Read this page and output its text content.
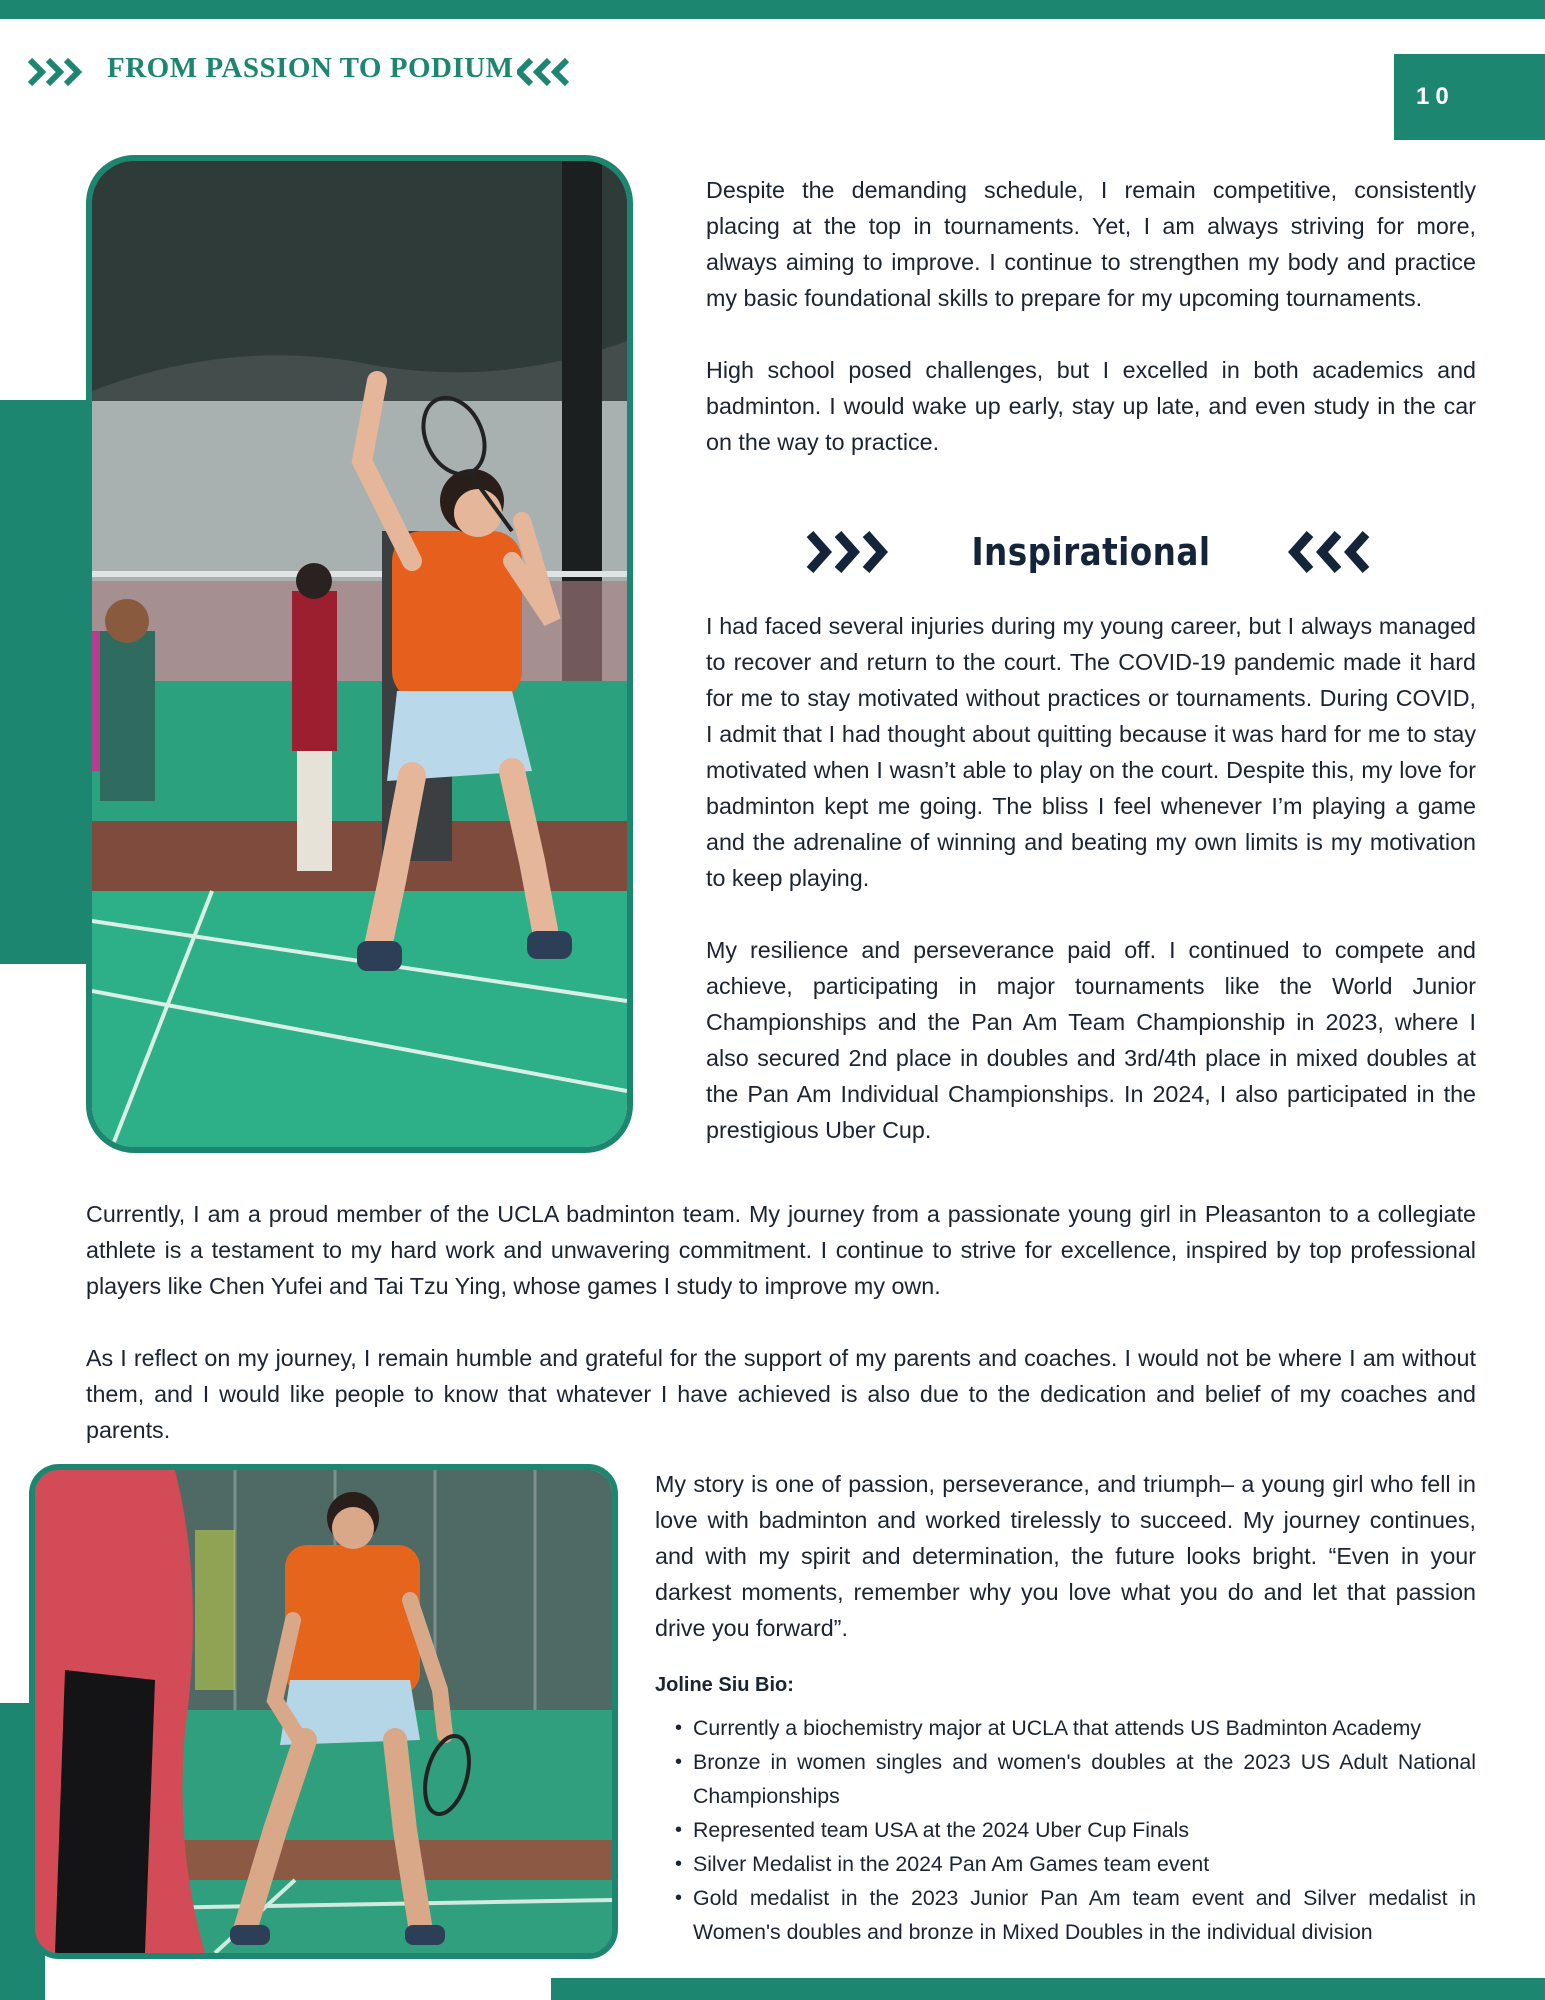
FROM PASSION TO PODIUM
10

Despite the demanding schedule, I remain competitive, consistently placing at the top in tournaments. Yet, I am always striving for more, always aiming to improve. I continue to strengthen my body and practice my basic foundational skills to prepare for my upcoming tournaments.

High school posed challenges, but I excelled in both academics and badminton. I would wake up early, stay up late, and even study in the car on the way to practice.

Inspirational

I had faced several injuries during my young career, but I always managed to recover and return to the court. The COVID-19 pandemic made it hard for me to stay motivated without practices or tournaments. During COVID, I admit that I had thought about quitting because it was hard for me to stay motivated when I wasn’t able to play on the court. Despite this, my love for badminton kept me going. The bliss I feel whenever I’m playing a game and the adrenaline of winning and beating my own limits is my motivation to keep playing.

My resilience and perseverance paid off. I continued to compete and achieve, participating in major tournaments like the World Junior Championships and the Pan Am Team Championship in 2023, where I also secured 2nd place in doubles and 3rd/4th place in mixed doubles at the Pan Am Individual Championships. In 2024, I also participated in the prestigious Uber Cup.

Currently, I am a proud member of the UCLA badminton team. My journey from a passionate young girl in Pleasanton to a collegiate athlete is a testament to my hard work and unwavering commitment. I continue to strive for excellence, inspired by top professional players like Chen Yufei and Tai Tzu Ying, whose games I study to improve my own.

As I reflect on my journey, I remain humble and grateful for the support of my parents and coaches. I would not be where I am without them, and I would like people to know that whatever I have achieved is also due to the dedication and belief of my coaches and parents.

My story is one of passion, perseverance, and triumph– a young girl who fell in love with badminton and worked tirelessly to succeed. My journey continues, and with my spirit and determination, the future looks bright. “Even in your darkest moments, remember why you love what you do and let that passion drive you forward”.

Joline Siu Bio:
• Currently a biochemistry major at UCLA that attends US Badminton Academy
• Bronze in women singles and women's doubles at the 2023 US Adult National Championships
• Represented team USA at the 2024 Uber Cup Finals
• Silver Medalist in the 2024 Pan Am Games team event
• Gold medalist in the 2023 Junior Pan Am team event and Silver medalist in Women's doubles and bronze in Mixed Doubles in the individual division
